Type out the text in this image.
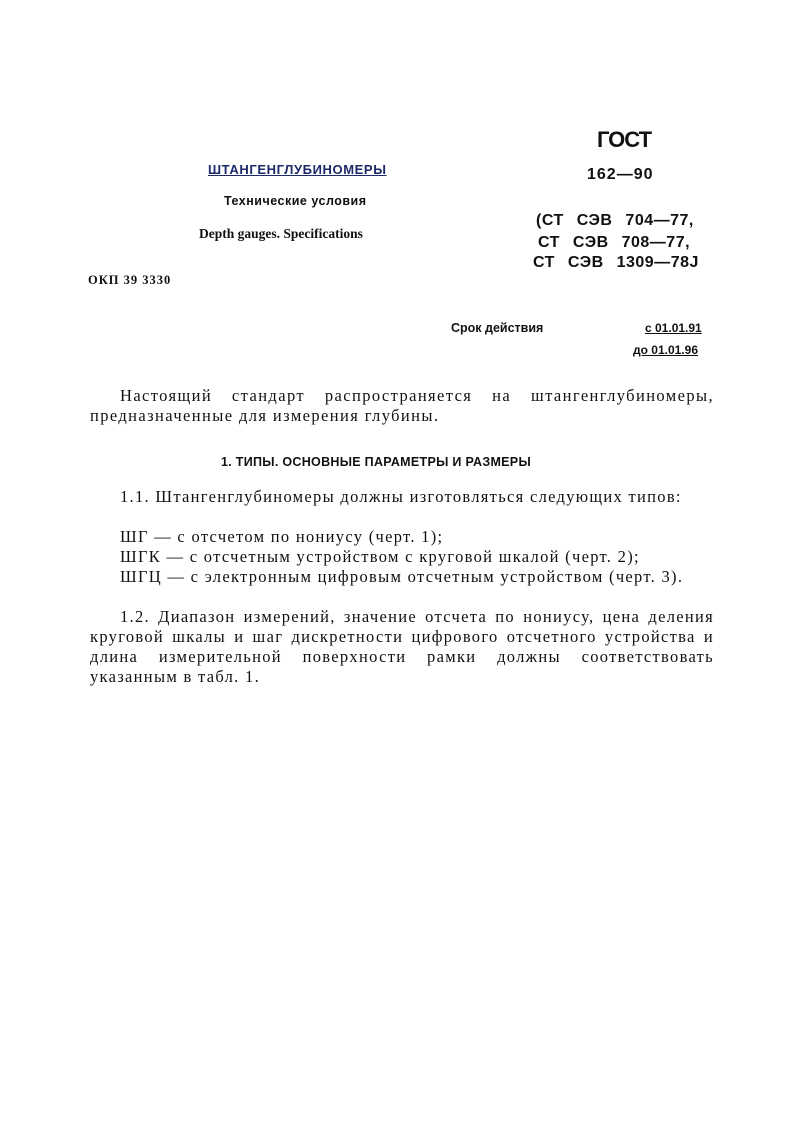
ГОСТ
162—90
(СТ СЭВ 704—77,
СТ СЭВ 708—77,
СТ СЭВ 1309—78J
ШТАНГЕНГЛУБИНОМЕРЫ
Технические условия
Depth gauges. Specifications
ОКП 39 3330
Срок действия	с 01.01.91
до 01.01.96
Настоящий стандарт распространяется на штангенглубиномеры, предназначенные для измерения глубины.
1. ТИПЫ. ОСНОВНЫЕ ПАРАМЕТРЫ И РАЗМЕРЫ
1.1. Штангенглубиномеры должны изготовляться следующих типов:
ШГ — с отсчетом по нониусу (черт. 1);
ШГК — с отсчетным устройством с круговой шкалой (черт. 2);
ШГЦ — с электронным цифровым отсчетным устройством (черт. 3).
1.2. Диапазон измерений, значение отсчета по нониусу, цена деления круговой шкалы и шаг дискретности цифрового отсчетного устройства и длина измерительной поверхности рамки должны соответствовать указанным в табл. 1.
